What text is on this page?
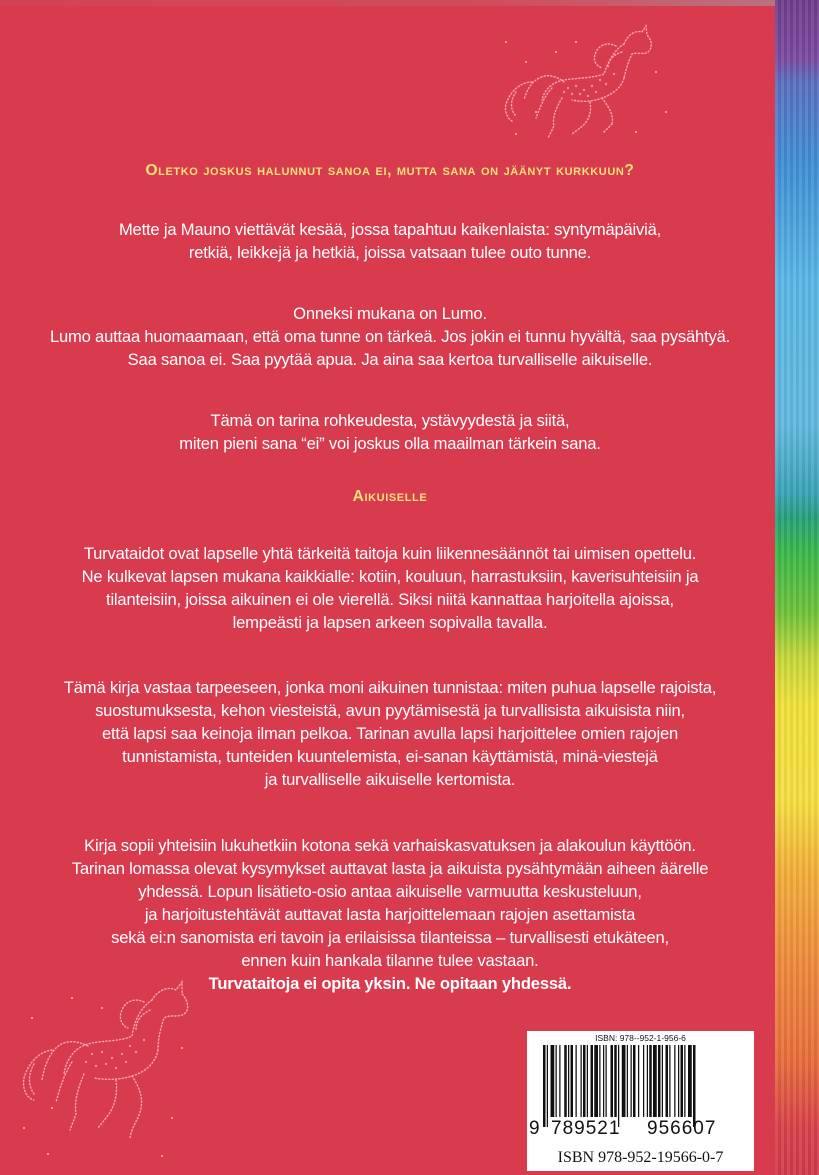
Oletko joskus halunnut sanoa ei, mutta sana on jäänyt kurkkuun?

Mette ja Mauno viettävät kesää, jossa tapahtuu kaikenlaista: syntymäpäiviä,

retkiä, leikkejä ja hetkiä, joissa vatsaan tulee outo tunne.

Onneksi mukana on Lumo.

Lumo auttaa huomaamaan, että oma tunne on tärkeä. Jos jokin ei tunnu hyvältä, saa pysähtyä.

Saa sanoa ei. Saa pyytää apua. Ja aina saa kertoa turvalliselle aikuiselle.

Tämä on tarina rohkeudesta, ystävyydestä ja siitä,

miten pieni sana “ei” voi joskus olla maailman tärkein sana.

Aikuiselle

Turvataidot ovat lapselle yhtä tärkeitä taitoja kuin liikennesäännöt tai uimisen opettelu.

Ne kulkevat lapsen mukana kaikkialle: kotiin, kouluun, harrastuksiin, kaverisuhteisiin ja

tilanteisiin, joissa aikuinen ei ole vierellä. Siksi niitä kannattaa harjoitella ajoissa,

lempeästi ja lapsen arkeen sopivalla tavalla.

Tämä kirja vastaa tarpeeseen, jonka moni aikuinen tunnistaa: miten puhua lapselle rajoista,

suostumuksesta, kehon viesteistä, avun pyytämisestä ja turvallisista aikuisista niin,

että lapsi saa keinoja ilman pelkoa. Tarinan avulla lapsi harjoittelee omien rajojen

tunnistamista, tunteiden kuuntelemista, ei-sanan käyttämistä, minä-viestejä

ja turvalliselle aikuiselle kertomista.

Kirja sopii yhteisiin lukuhetkiin kotona sekä varhaiskasvatuksen ja alakoulun käyttöön.

Tarinan lomassa olevat kysymykset auttavat lasta ja aikuista pysähtymään aiheen äärelle

yhdessä. Lopun lisätieto-osio antaa aikuiselle varmuutta keskusteluun,

ja harjoitustehtävät auttavat lasta harjoittelemaan rajojen asettamista

sekä ei:n sanomista eri tavoin ja erilaisissa tilanteissa – turvallisesti etukäteen,

ennen kuin hankala tilanne tulee vastaan.

Turvataitoja ei opita yksin. Ne opitaan yhdessä.

ISBN: 978--952-1-956-6
9 789521 956607
ISBN 978-952-19566-0-7
